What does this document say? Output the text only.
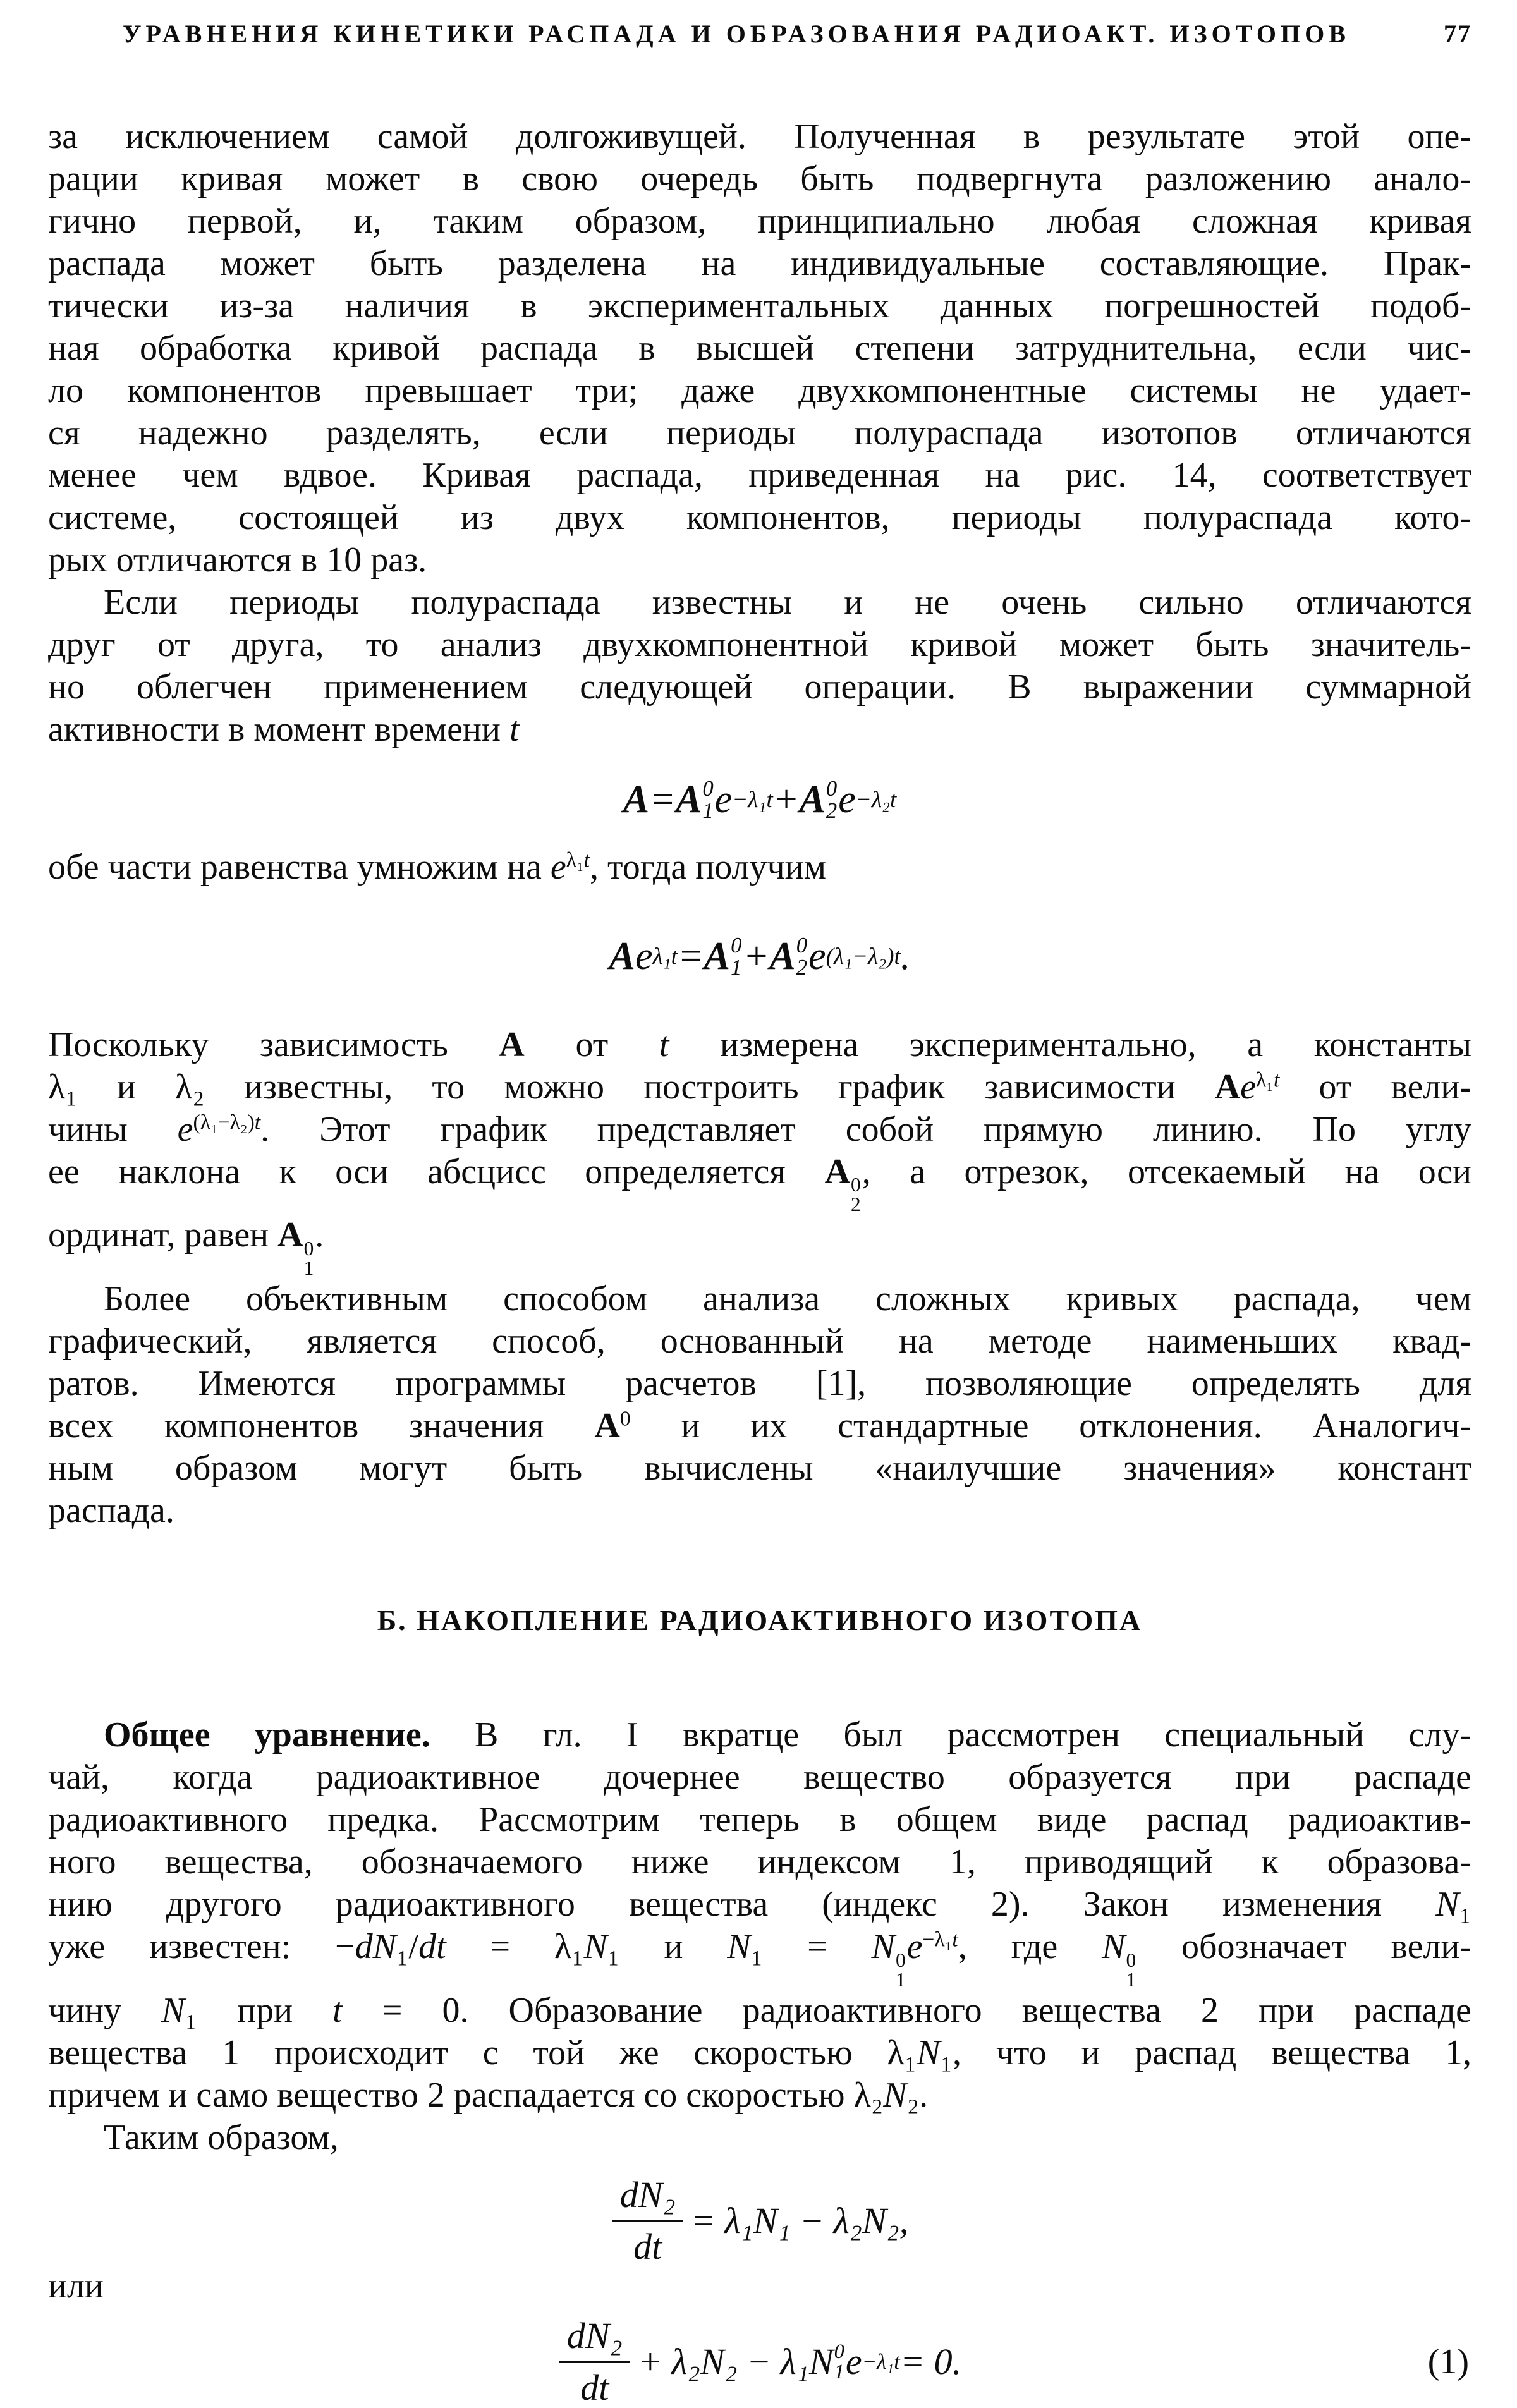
УРАВНЕНИЯ КИНЕТИКИ РАСПАДА И ОБРАЗОВАНИЯ РАДИОАКТ. ИЗОТОПОВ	77
за исключением самой долгоживущей. Полученная в результате этой опе-
рации кривая может в свою очередь быть подвергнута разложению анало-
гично первой, и, таким образом, принципиально любая сложная кривая
распада может быть разделена на индивидуальные составляющие. Прак-
тически из-за наличия в экспериментальных данных погрешностей подоб-
ная обработка кривой распада в высшей степени затруднительна, если чис-
ло компонентов превышает три; даже двухкомпонентные системы не удает-
ся надежно разделять, если периоды полураспада изотопов отличаются
менее чем вдвое. Кривая распада, приведенная на рис. 14, соответствует
системе, состоящей из двух компонентов, периоды полураспада кото-
рых отличаются в 10 раз.
Если периоды полураспада известны и не очень сильно отличаются
друг от друга, то анализ двухкомпонентной кривой может быть значитель-
но облегчен применением следующей операции. В выражении суммарной
активности в момент времени t
A = A 0
1 e −λ₁t + A 0
2 e −λ₂t
обе части равенства умножим на $e^{\lambda_1t}$, тогда получим
A e λ₁t = A 0
1 + A 0
2 e (λ₁−λ₂)t .
Поскольку зависимость A от t измерена экспериментально, а константы
λ₁ и λ₂ известны, то можно построить график зависимости $Ae^{\lambda_1t}$ от вели-
чины $e^{(\lambda_1-\lambda_2)t}$. Этот график представляет собой прямую линию. По углу
ее наклона к оси абсцисс определяется A 0
2
, а отрезок, отсекаемый на оси
ординат, равен A 0
1
.
Более объективным способом анализа сложных кривых распада, чем
графический, является способ, основанный на методе наименьших квад-
ратов. Имеются программы расчетов [1], позволяющие определять для
всех компонентов значения $A^0$ и их стандартные отклонения. Аналогич-
ным образом могут быть вычислены «наилучшие значения» констант
распада.
Б. НАКОПЛЕНИЕ РАДИОАКТИВНОГО ИЗОТОПА
Общее уравнение. В гл. I вкратце был рассмотрен специальный слу-
чай, когда радиоактивное дочернее вещество образуется при распаде
радиоактивного предка. Рассмотрим теперь в общем виде распад радиоактив-
ного вещества, обозначаемого ниже индексом 1, приводящий к образова-
нию другого радиоактивного вещества (индекс 2). Закон изменения N₁
уже известен: −dN₁/dt = λ₁N₁ и N₁ = N 0
1
$e^{-\lambda_1t}$, где N 0
1
обозначает вели-
чину N₁ при t = 0. Образование радиоактивного вещества 2 при распаде
вещества 1 происходит с той же скоростью λ₁N₁, что и распад вещества 1,
причем и само вещество 2 распадается со скоростью λ₂N₂.
Таким образом,
$\frac{\text{dN₂}}{dt} = \lambda_1N_1 - \lambda_2N_2$,
или
$\frac{\text{dN₂}}{dt} + \lambda_2N_2 - \lambda_1N$ 0
1 e −λ₁t = 0.	(1)
